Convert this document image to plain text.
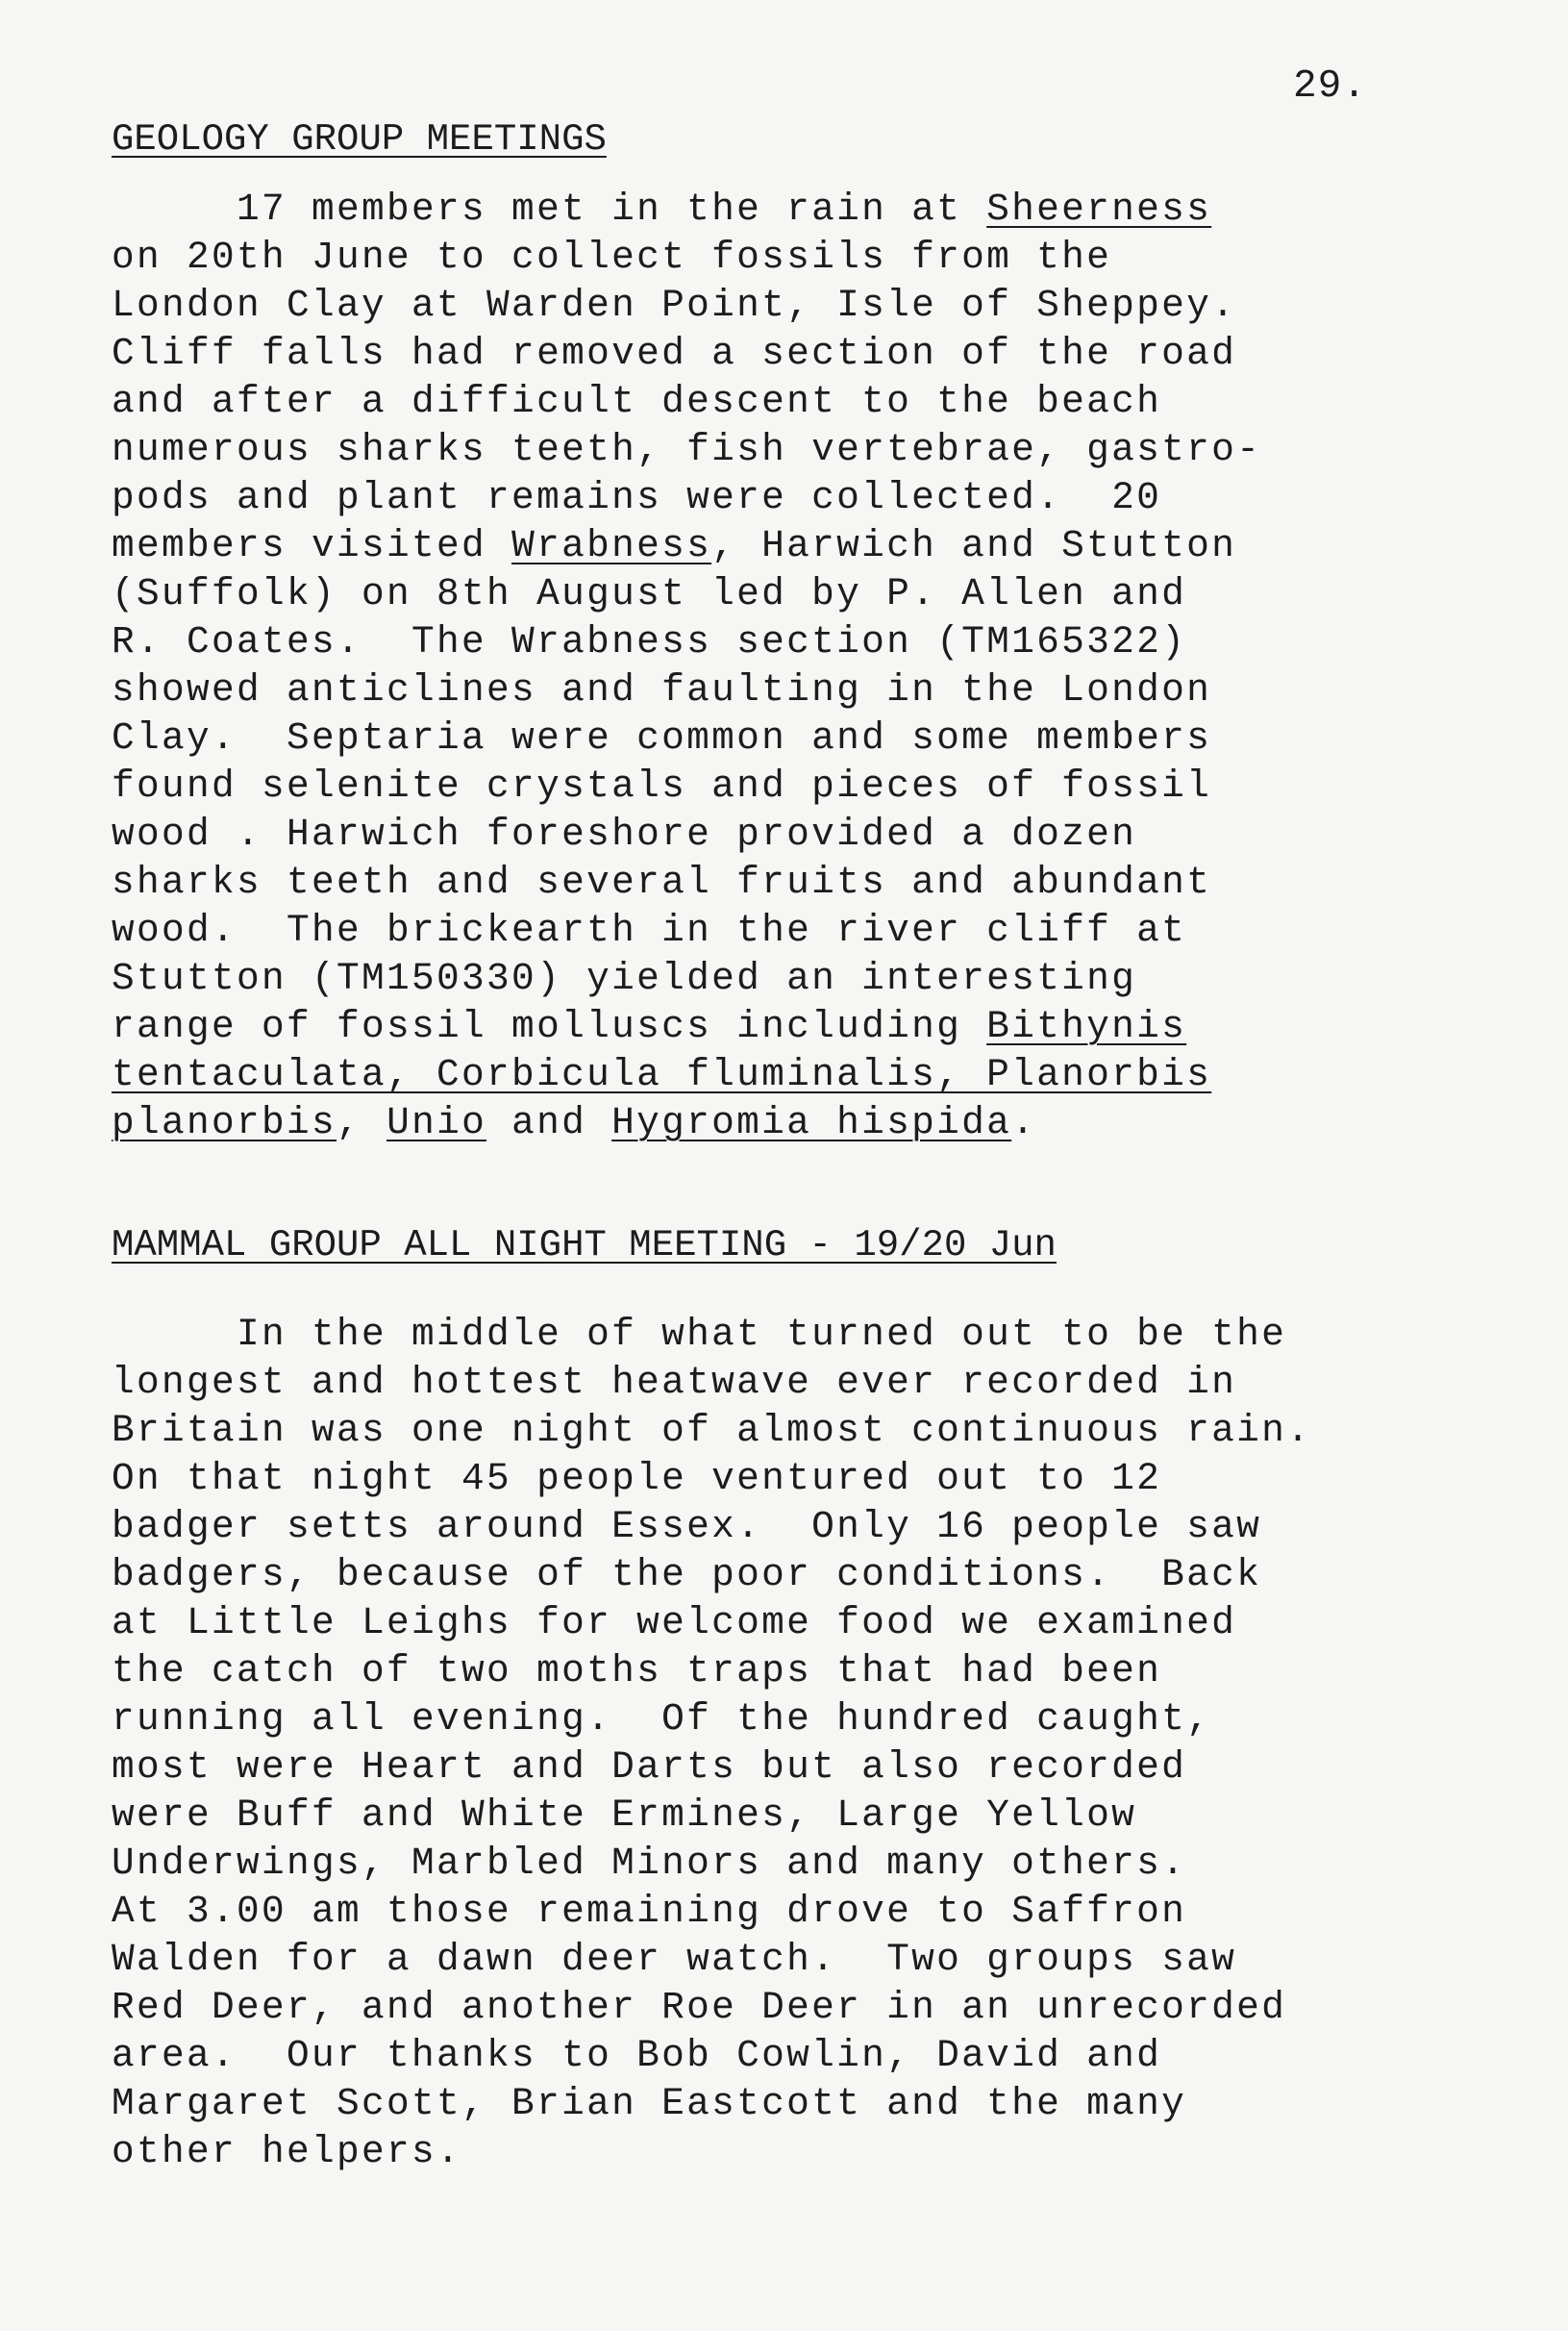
29.
GEOLOGY GROUP MEETINGS
17 members met in the rain at Sheerness
on 20th June to collect fossils from the
London Clay at Warden Point, Isle of Sheppey.
Cliff falls had removed a section of the road
and after a difficult descent to the beach
numerous sharks teeth, fish vertebrae, gastro-
pods and plant remains were collected.  20
members visited Wrabness, Harwich and Stutton
(Suffolk) on 8th August led by P. Allen and
R. Coates.  The Wrabness section (TM165322)
showed anticlines and faulting in the London
Clay.  Septaria were common and some members
found selenite crystals and pieces of fossil
wood . Harwich foreshore provided a dozen
sharks teeth and several fruits and abundant
wood.  The brickearth in the river cliff at
Stutton (TM150330) yielded an interesting
range of fossil molluscs including Bithynis
tentaculata, Corbicula fluminalis, Planorbis
planorbis, Unio and Hygromia hispida.
MAMMAL GROUP ALL NIGHT MEETING - 19/20 Jun
In the middle of what turned out to be the
longest and hottest heatwave ever recorded in
Britain was one night of almost continuous rain.
On that night 45 people ventured out to 12
badger setts around Essex.  Only 16 people saw
badgers, because of the poor conditions.  Back
at Little Leighs for welcome food we examined
the catch of two moths traps that had been
running all evening.  Of the hundred caught,
most were Heart and Darts but also recorded
were Buff and White Ermines, Large Yellow
Underwings, Marbled Minors and many others.
At 3.00 am those remaining drove to Saffron
Walden for a dawn deer watch.  Two groups saw
Red Deer, and another Roe Deer in an unrecorded
area.  Our thanks to Bob Cowlin, David and
Margaret Scott, Brian Eastcott and the many
other helpers.
